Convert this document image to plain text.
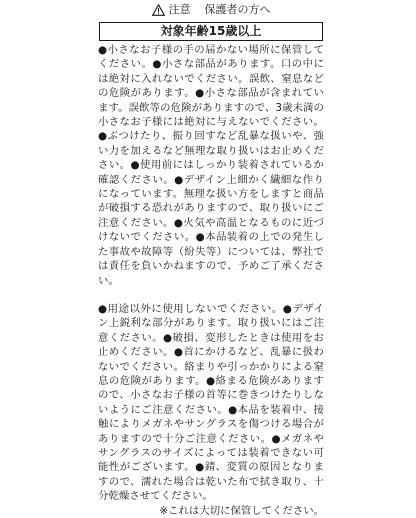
注意 保護者の方へ
対象年齢15歳以上
●小さなお子様の手の届かない場所に保管してください。●小さな部品があります。口の中には絶対に入れないでください。誤飲、窒息などの危険があります。●小さな部品が含まれています。誤飲等の危険がありますので、3歳未満の小さなお子様には絶対に与えないでください。●ぶつけたり、振り回すなど乱暴な扱いや、強い力を加えるなど無理な取り扱いはお止めください。●使用前にはしっかり装着されているか確認ください。●デザイン上細かく繊細な作りになっています。無理な扱い方をしますと商品が破損する恐れがありますので、取り扱いにご注意ください。●火気や高温となるものに近づけないでください。●本品装着の上での発生した事故や故障等（紛失等）については、弊社では責任を負いかねますので、予めご了承ください。
●用途以外に使用しないでください。●デザイン上鋭利な部分があります。取り扱いにはご注意ください。●破損、変形したときは使用をお止めください。●首にかけるなど、乱暴に扱わないでください。絡まりや引っかかりによる窒息の危険があります。●絡まる危険がありますので、小さなお子様の首等に巻きつけたりしないようにご注意ください。●本品を装着中、接触によりメガネやサングラスを傷つける場合がありますので十分ご注意ください。●メガネやサングラスのサイズによっては装着できない可能性がございます。●錆、変質の原因となりますので、濡れた場合は乾いた布で拭き取り、十分乾燥させてください。
※これは大切に保管してください。
